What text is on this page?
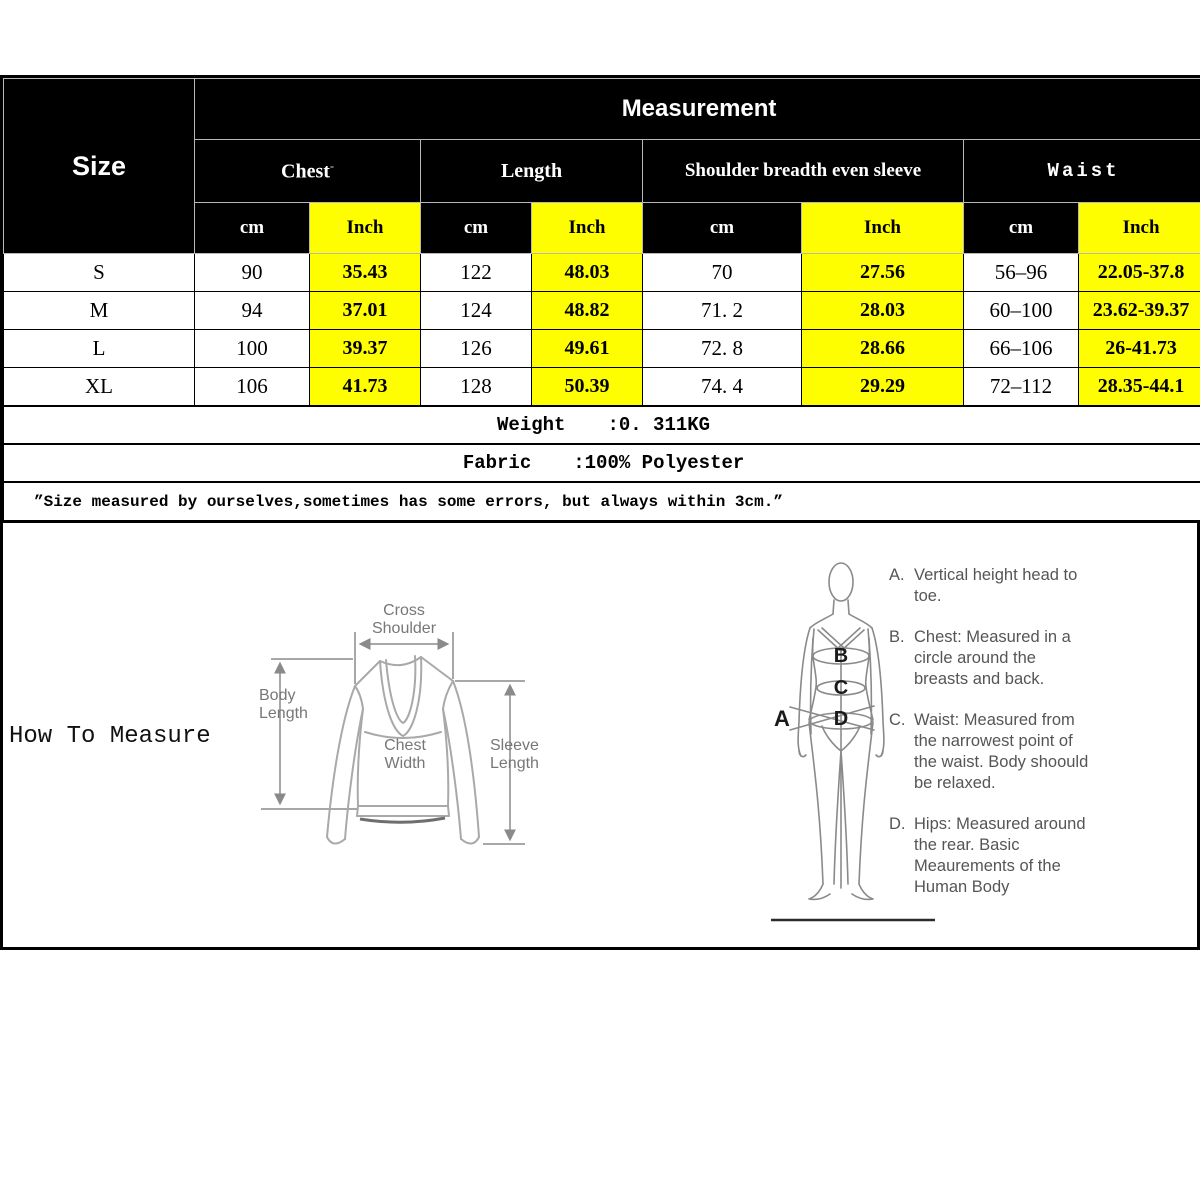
Size	Measurement							
	Chest-		Length		Shoulder breadth even sleeve		Waist	
	cm	Inch	cm	Inch	cm	Inch	cm	Inch
S	90	35.43	122	48.03	70	27.56	56–96	22.05-37.8
M	94	37.01	124	48.82	71. 2	28.03	60–100	23.62-39.37
L	100	39.37	126	49.61	72. 8	28.66	66–106	26-41.73
XL	106	41.73	128	50.39	74. 4	29.29	72–112	28.35-44.1
Weight :0. 311KG								
Fabric :100% Polyester								
”Size measured by ourselves,sometimes has some errors, but always within 3cm.”								
How To Measure
Cross Shoulder
Body Length
Chest Width
Sleeve Length
B
C
D
A
A. Vertical height head to toe.
B. Chest: Measured in a circle around the breasts and back.
C. Waist: Measured from the narrowest point of the waist. Body shoould be relaxed.
D. Hips: Measured around the rear. Basic Meaurements of the Human Body
